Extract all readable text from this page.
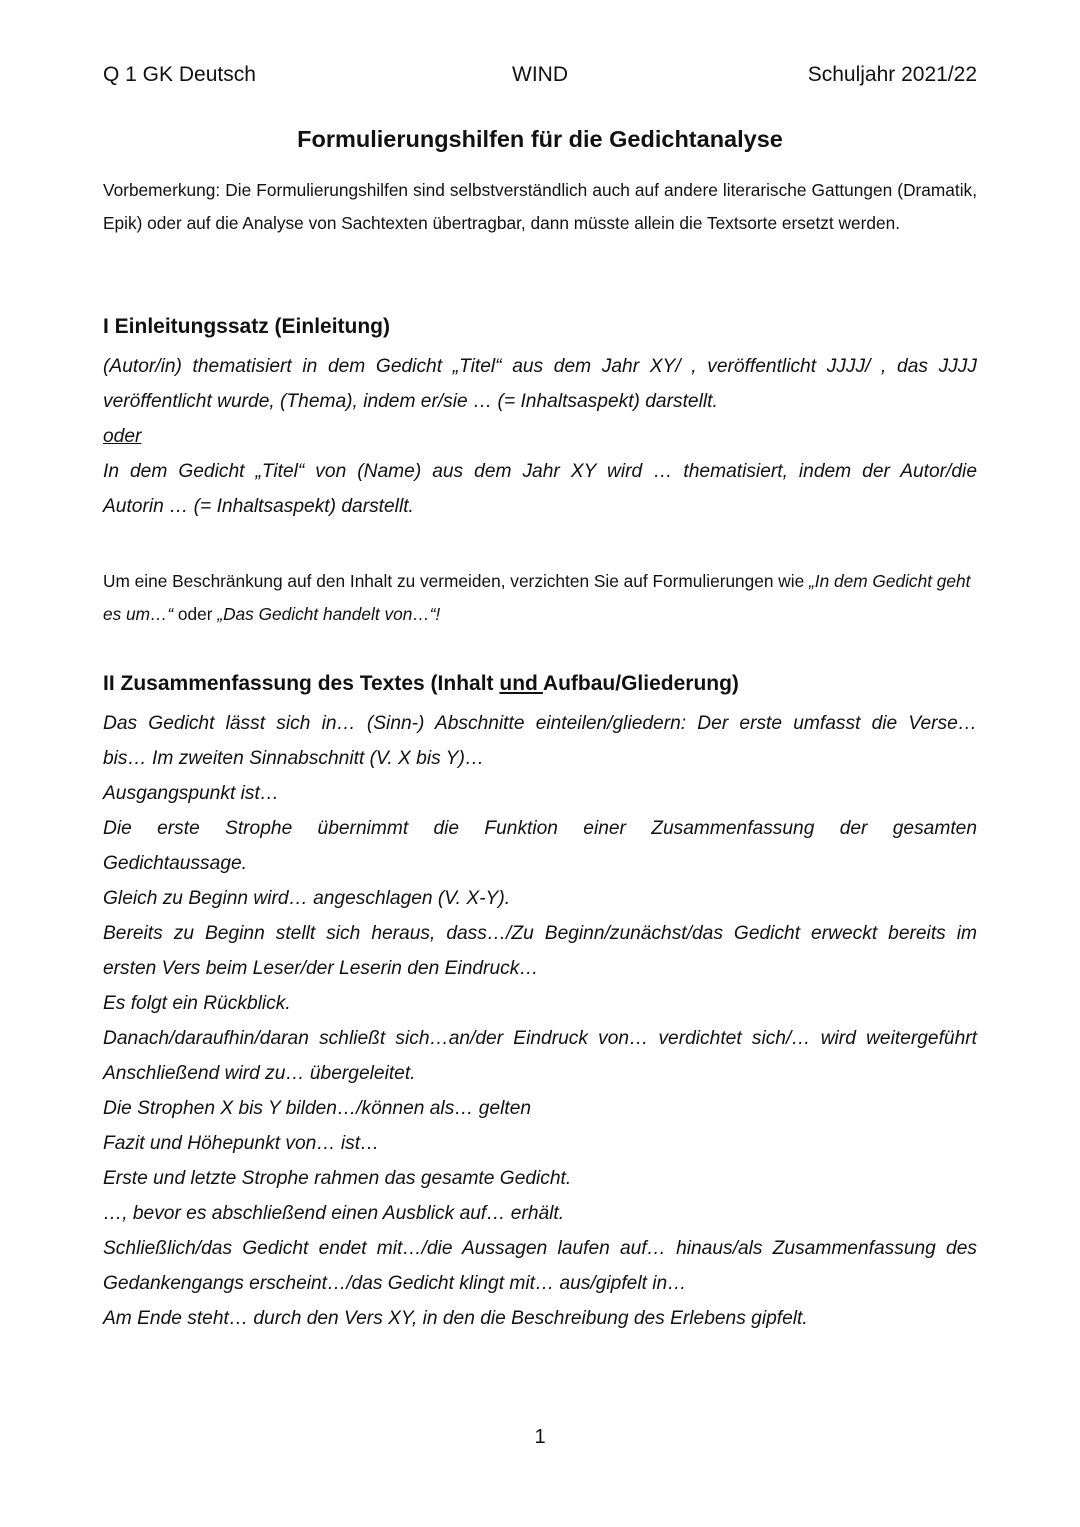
Q 1 GK Deutsch	WIND	Schuljahr 2021/22
Formulierungshilfen für die Gedichtanalyse
Vorbemerkung: Die Formulierungshilfen sind selbstverständlich auch auf andere literarische Gattungen (Dramatik, Epik) oder auf die Analyse von Sachtexten übertragbar, dann müsste allein die Textsorte ersetzt werden.
I Einleitungssatz (Einleitung)

(Autor/in) thematisiert in dem Gedicht „Titel“ aus dem Jahr XY/ , veröffentlicht JJJJ/ , das JJJJ

veröffentlicht wurde, (Thema), indem er/sie … (= Inhaltsaspekt) darstellt.

oder

In dem Gedicht „Titel“ von (Name) aus dem Jahr XY wird … thematisiert, indem der Autor/die

Autorin … (= Inhaltsaspekt) darstellt.

Um eine Beschränkung auf den Inhalt zu vermeiden, verzichten Sie auf Formulierungen wie „In dem Gedicht geht es um…“ oder „Das Gedicht handelt von…“!
II Zusammenfassung des Textes (Inhalt und Aufbau/Gliederung)

Das Gedicht lässt sich in… (Sinn-) Abschnitte einteilen/gliedern: Der erste umfasst die Verse…

bis… Im zweiten Sinnabschnitt (V. X bis Y)…

Ausgangspunkt ist…

Die erste Strophe übernimmt die Funktion einer Zusammenfassung der gesamten

Gedichtaussage.

Gleich zu Beginn wird… angeschlagen (V. X-Y).

Bereits zu Beginn stellt sich heraus, dass…/Zu Beginn/zunächst/das Gedicht erweckt bereits im

ersten Vers beim Leser/der Leserin den Eindruck…

Es folgt ein Rückblick.

Danach/daraufhin/daran schließt sich…an/der Eindruck von… verdichtet sich/… wird weitergeführt

Anschließend wird zu… übergeleitet.

Die Strophen X bis Y bilden…/können als… gelten

Fazit und Höhepunkt von… ist…

Erste und letzte Strophe rahmen das gesamte Gedicht.

…, bevor es abschließend einen Ausblick auf… erhält.

Schließlich/das Gedicht endet mit…/die Aussagen laufen auf… hinaus/als Zusammenfassung des

Gedankengangs erscheint…/das Gedicht klingt mit… aus/gipfelt in…

Am Ende steht… durch den Vers XY, in den die Beschreibung des Erlebens gipfelt.

1
